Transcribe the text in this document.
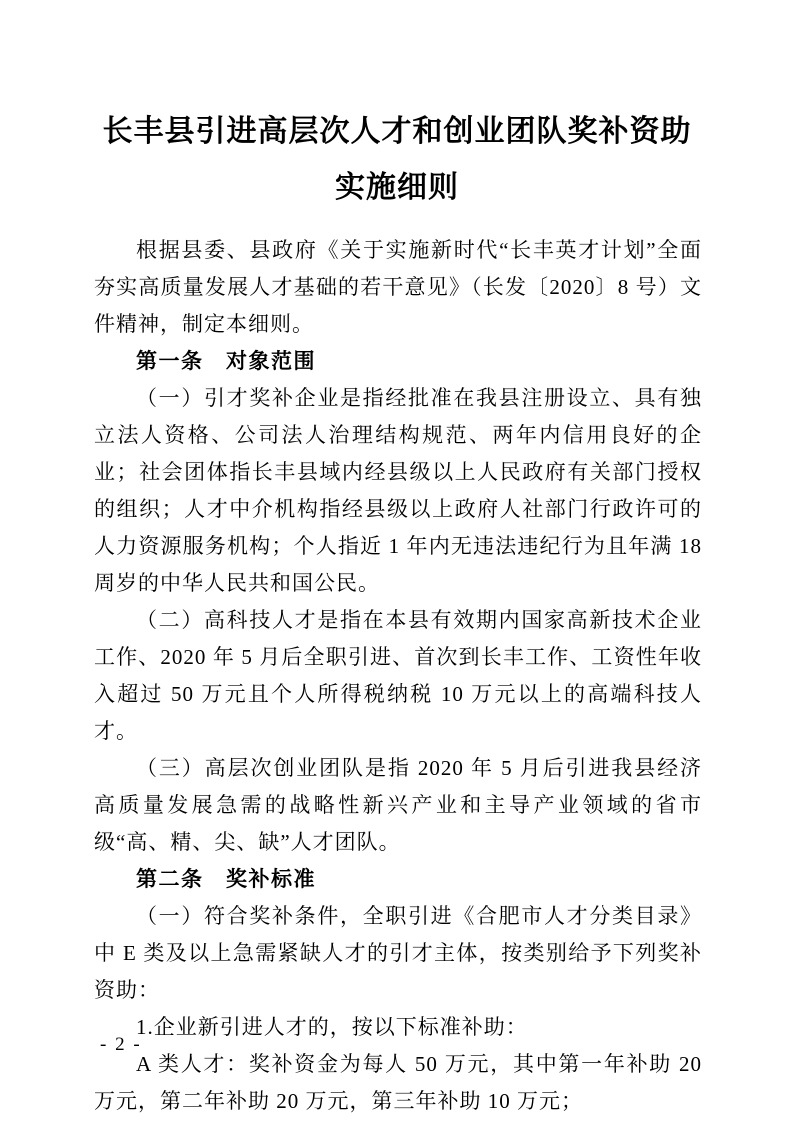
长丰县引进高层次人才和创业团队奖补资助
实施细则

根据县委、县政府《关于实施新时代“长丰英才计划”全面夯实高质量发展人才基础的若干意见》（长发〔2020〕8 号）文件精神，制定本细则。

第一条　对象范围

（一）引才奖补企业是指经批准在我县注册设立、具有独立法人资格、公司法人治理结构规范、两年内信用良好的企业；社会团体指长丰县域内经县级以上人民政府有关部门授权的组织；人才中介机构指经县级以上政府人社部门行政许可的人力资源服务机构；个人指近 1 年内无违法违纪行为且年满 18 周岁的中华人民共和国公民。

（二）高科技人才是指在本县有效期内国家高新技术企业工作、2020 年 5 月后全职引进、首次到长丰工作、工资性年收入超过 50 万元且个人所得税纳税 10 万元以上的高端科技人才。

（三）高层次创业团队是指 2020 年 5 月后引进我县经济高质量发展急需的战略性新兴产业和主导产业领域的省市级“高、精、尖、缺”人才团队。

第二条　奖补标准

（一）符合奖补条件，全职引进《合肥市人才分类目录》中 E 类及以上急需紧缺人才的引才主体，按类别给予下列奖补资助：

1.企业新引进人才的，按以下标准补助：

A 类人才：奖补资金为每人 50 万元，其中第一年补助 20 万元，第二年补助 20 万元，第三年补助 10 万元；

- 2 -
